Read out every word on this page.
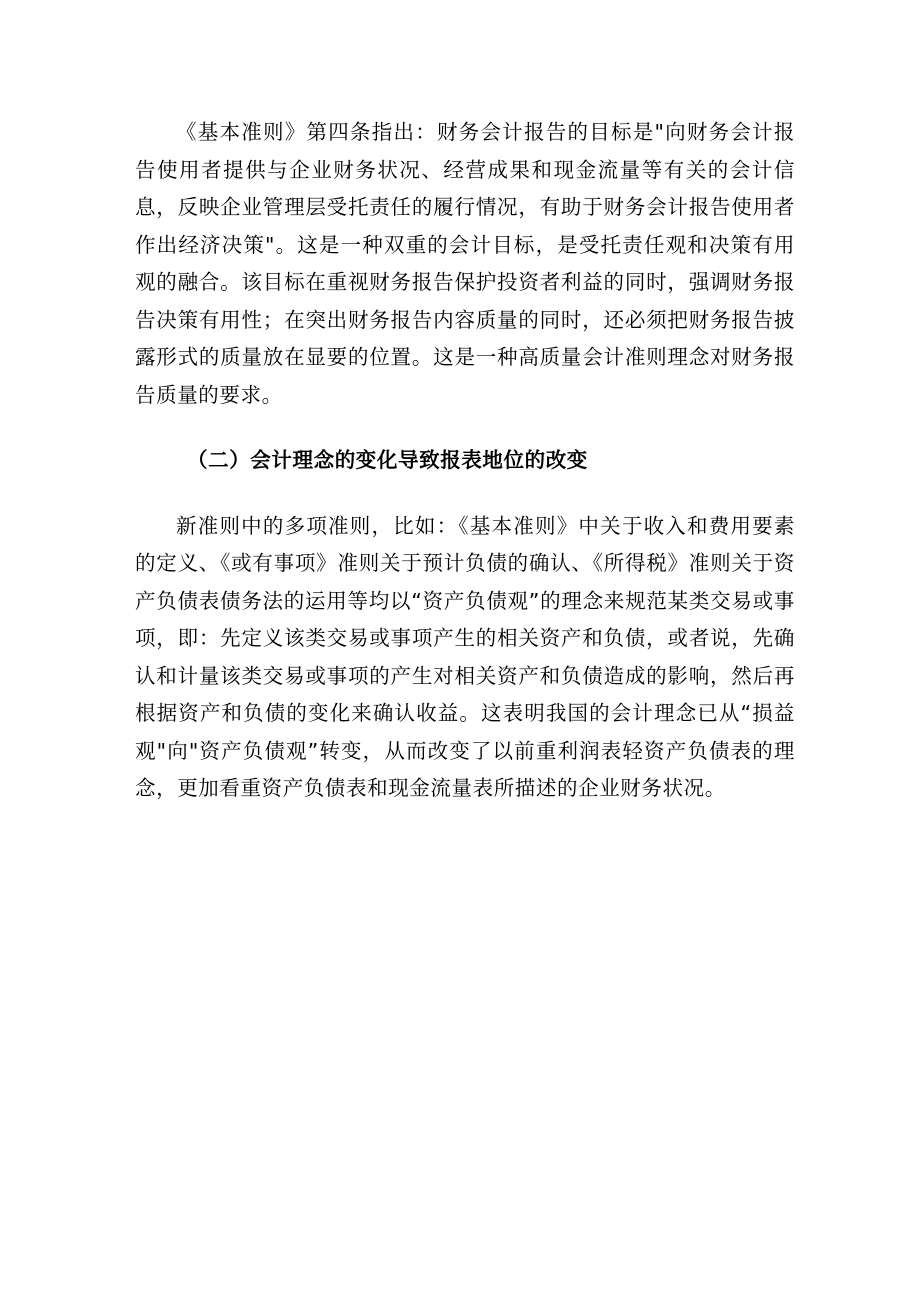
《基本准则》第四条指出：财务会计报告的目标是"向财务会计报告使用者提供与企业财务状况、经营成果和现金流量等有关的会计信息，反映企业管理层受托责任的履行情况，有助于财务会计报告使用者作出经济决策"。这是一种双重的会计目标，是受托责任观和决策有用观的融合。该目标在重视财务报告保护投资者利益的同时，强调财务报告决策有用性；在突出财务报告内容质量的同时，还必须把财务报告披露形式的质量放在显要的位置。这是一种高质量会计准则理念对财务报告质量的要求。

（二）会计理念的变化导致报表地位的改变

新准则中的多项准则，比如：《基本准则》中关于收入和费用要素的定义、《或有事项》准则关于预计负债的确认、《所得税》准则关于资产负债表债务法的运用等均以“资产负债观”的理念来规范某类交易或事项，即：先定义该类交易或事项产生的相关资产和负债，或者说，先确认和计量该类交易或事项的产生对相关资产和负债造成的影响，然后再根据资产和负债的变化来确认收益。这表明我国的会计理念已从“损益观"向"资产负债观”转变，从而改变了以前重利润表轻资产负债表的理念，更加看重资产负债表和现金流量表所描述的企业财务状况。
